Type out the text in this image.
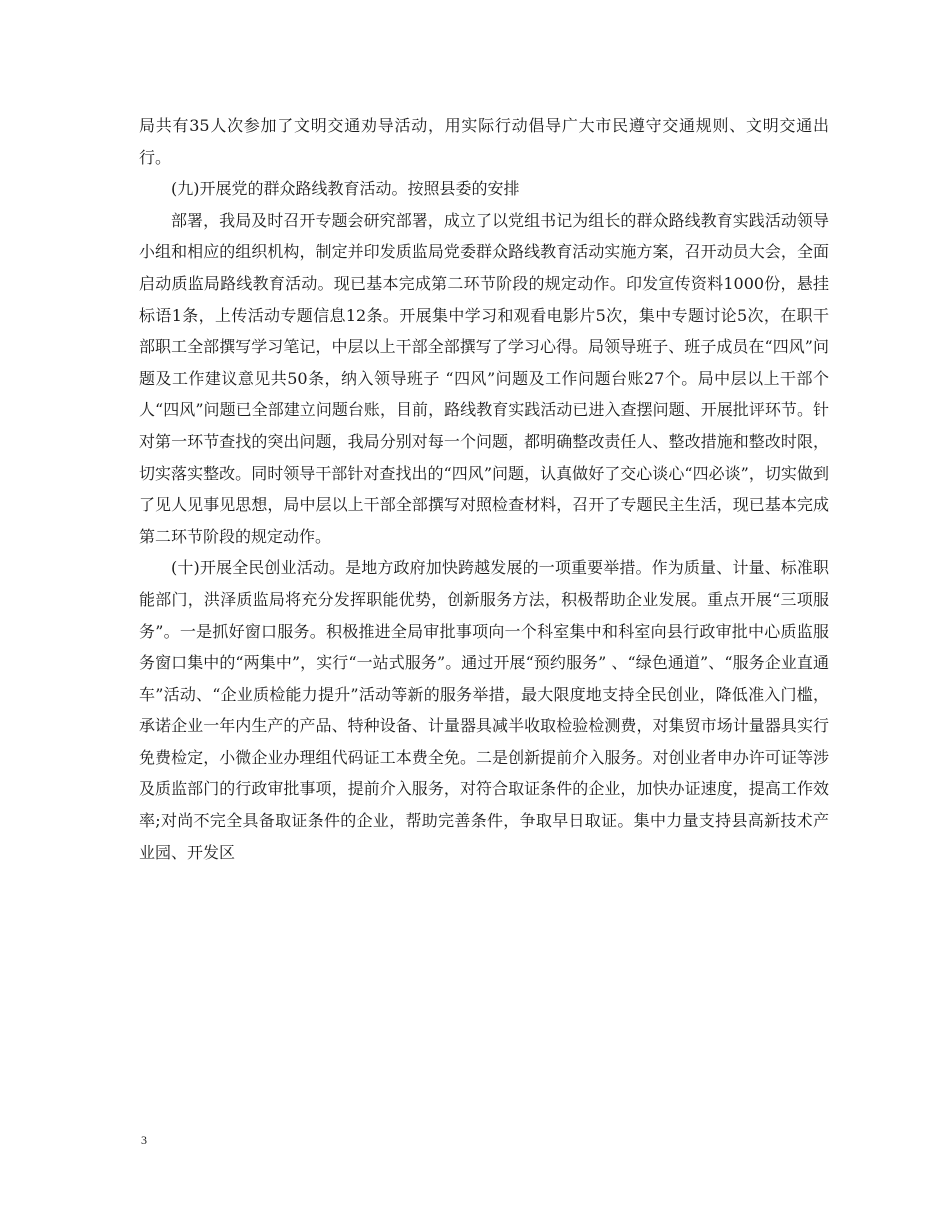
局共有35人次参加了文明交通劝导活动，用实际行动倡导广大市民遵守交通规则、文明交通出行。

(九)开展党的群众路线教育活动。按照县委的安排

部署，我局及时召开专题会研究部署，成立了以党组书记为组长的群众路线教育实践活动领导小组和相应的组织机构，制定并印发质监局党委群众路线教育活动实施方案，召开动员大会，全面启动质监局路线教育活动。现已基本完成第二环节阶段的规定动作。印发宣传资料1000份，悬挂标语1条，上传活动专题信息12条。开展集中学习和观看电影片5次，集中专题讨论5次，在职干部职工全部撰写学习笔记，中层以上干部全部撰写了学习心得。局领导班子、班子成员在“四风”问题及工作建议意见共50条，纳入领导班子 “四风”问题及工作问题台账27个。局中层以上干部个人“四风”问题已全部建立问题台账，目前，路线教育实践活动已进入查摆问题、开展批评环节。针对第一环节查找的突出问题，我局分别对每一个问题，都明确整改责任人、整改措施和整改时限，切实落实整改。同时领导干部针对查找出的“四风”问题，认真做好了交心谈心“四必谈”，切实做到了见人见事见思想，局中层以上干部全部撰写对照检查材料，召开了专题民主生活，现已基本完成第二环节阶段的规定动作。

(十)开展全民创业活动。是地方政府加快跨越发展的一项重要举措。作为质量、计量、标准职能部门，洪泽质监局将充分发挥职能优势，创新服务方法，积极帮助企业发展。重点开展“三项服务”。一是抓好窗口服务。积极推进全局审批事项向一个科室集中和科室向县行政审批中心质监服务窗口集中的“两集中”，实行“一站式服务”。通过开展“预约服务” 、“绿色通道”、“服务企业直通车”活动、“企业质检能力提升”活动等新的服务举措，最大限度地支持全民创业，降低准入门槛，承诺企业一年内生产的产品、特种设备、计量器具减半收取检验检测费，对集贸市场计量器具实行免费检定，小微企业办理组代码证工本费全免。二是创新提前介入服务。对创业者申办许可证等涉及质监部门的行政审批事项，提前介入服务，对符合取证条件的企业，加快办证速度，提高工作效率;对尚不完全具备取证条件的企业，帮助完善条件，争取早日取证。集中力量支持县高新技术产业园、开发区

3
